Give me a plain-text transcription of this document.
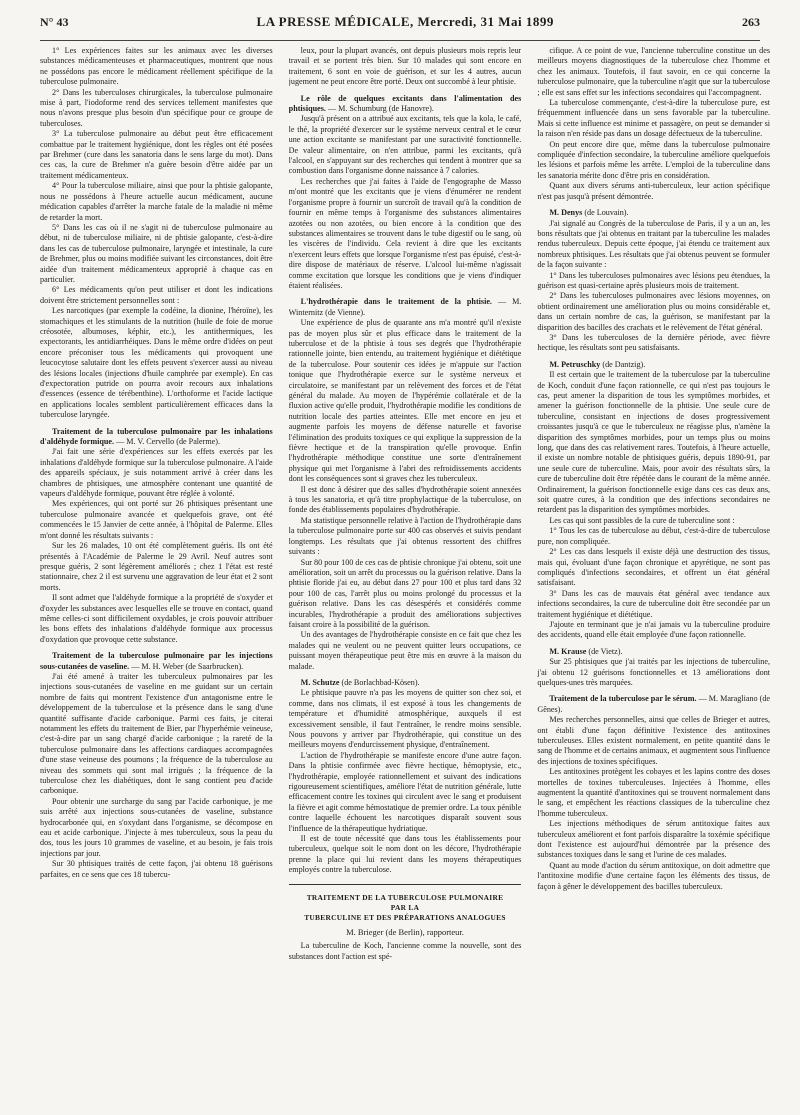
N° 43	LA PRESSE MÉDICALE, Mercredi, 31 Mai 1899	263

1° Les expériences faites sur les animaux avec les diverses substances médicamenteuses et pharmaceutiques, montrent que nous ne possédons pas encore le médicament réellement spécifique de la tuberculose pulmonaire.

2° Dans les tuberculoses chirurgicales, la tuberculose pulmonaire mise à part, l'iodoforme rend des services tellement manifestes que nous n'avons presque plus besoin d'un spécifique pour ce groupe de tuberculoses.

3° La tuberculose pulmonaire au début peut être efficacement combattue par le traitement hygiénique, dont les règles ont été posées par Brehmer (cure dans les sanatoria dans le sens large du mot). Dans ces cas, la cure de Brehmer n'a guère besoin d'être aidée par un traitement médicamenteux.

4° Pour la tuberculose miliaire, ainsi que pour la phtisie galopante, nous ne possédons à l'heure actuelle aucun médicament, aucune médication capables d'arrêter la marche fatale de la maladie ni même de retarder la mort.

5° Dans les cas où il ne s'agit ni de tuberculose pulmonaire au début, ni de tuberculose miliaire, ni de phtisie galopante, c'est-à-dire dans les cas de tuberculose pulmonaire, laryngée et intestinale, la cure de Brehmer, plus ou moins modifiée suivant les circonstances, doit être aidée d'un traitement médicamenteux approprié à chaque cas en particulier.

6° Les médicaments qu'on peut utiliser et dont les indications doivent être strictement personnelles sont :

Les narcotiques (par exemple la codéine, la dionine, l'héroïne), les stomachiques et les stimulants de la nutrition (huile de foie de morue créosotée, albumoses, képhir, etc.), les antithermiques, les expectorants, les antidiarrhéiques. Dans le même ordre d'idées on peut encore préconiser tous les médicaments qui provoquent une leucocytose salutaire dont les effets peuvent s'exercer aussi au niveau des lésions locales (injections d'huile camphrée par exemple). En cas d'expectoration putride on pourra avoir recours aux inhalations d'essences (essence de térébenthine). L'orthoforme et l'acide lactique en applications locales semblent particulièrement efficaces dans la tuberculose laryngée.

Traitement de la tuberculose pulmonaire par les inhalations d'aldéhyde formique. — M. V. Cervello (de Palerme).

J'ai fait une série d'expériences sur les effets exercés par les inhalations d'aldéhyde formique sur la tuberculose pulmonaire. A l'aide des appareils spéciaux, je suis notamment arrivé à créer dans les chambres de phtisiques, une atmosphère contenant une quantité de vapeurs d'aldéhyde formique, pouvant être réglée à volonté.

Mes expériences, qui ont porté sur 26 phtisiques présentant une tuberculose pulmonaire avancée et quelquefois grave, ont été commencées le 15 Janvier de cette année, à l'hôpital de Palerme. Elles m'ont donné les résultats suivants :

Sur les 26 malades, 10 ont été complètement guéris. Ils ont été présentés à l'Académie de Palerme le 29 Avril. Neuf autres sont presque guéris, 2 sont légèrement améliorés ; chez 1 l'état est resté stationnaire, chez 2 il est survenu une aggravation de leur état et 2 sont morts.

Il sont admet que l'aldéhyde formique a la propriété de s'oxyder et d'oxyder les substances avec lesquelles elle se trouve en contact, quand même celles-ci sont difficilement oxydables, je crois pouvoir attribuer les bons effets des inhalations d'aldéhyde formique aux processus d'oxydation que provoque cette substance.

Traitement de la tuberculose pulmonaire par les injections sous-cutanées de vaseline. — M. H. Weber (de Saarbrucken).

J'ai été amené à traiter les tuberculeux pulmonaires par les injections sous-cutanées de vaseline en me guidant sur un certain nombre de faits qui montrent l'existence d'un antagonisme entre le développement de la tuberculose et la présence dans le sang d'une quantité suffisante d'acide carbonique. Parmi ces faits, je citerai notamment les effets du traitement de Bier, par l'hyperhémie veineuse, c'est-à-dire par un sang chargé d'acide carbonique ; la rareté de la tuberculose pulmonaire dans les affections cardiaques accompagnées d'une stase veineuse des poumons ; la fréquence de la tuberculose au niveau des sommets qui sont mal irrigués ; la fréquence de la tuberculose chez les diabétiques, dont le sang contient peu d'acide carbonique.

Pour obtenir une surcharge du sang par l'acide carbonique, je me suis arrêté aux injections sous-cutanées de vaseline, substance hydrocarbonée qui, en s'oxydant dans l'organisme, se décompose en eau et acide carbonique. J'injecte à mes tuberculeux, sous la peau du dos, tous les jours 10 grammes de vaseline, et au besoin, je fais trois injections par jour.

Sur 30 phtisiques traités de cette façon, j'ai obtenu 18 guérisons parfaites, en ce sens que ces 18 tubercu-

leux, pour la plupart avancés, ont depuis plusieurs mois repris leur travail et se portent très bien. Sur 10 malades qui sont encore en traitement, 6 sont en voie de guérison, et sur les 4 autres, aucun jugement ne peut encore être porté. Deux ont succombé à leur phtisie.

Le rôle de quelques excitants dans l'alimentation des phtisiques. — M. Schumburg (de Hanovre).

Jusqu'à présent on a attribué aux excitants, tels que la kola, le café, le thé, la propriété d'exercer sur le système nerveux central et le cœur une action excitante se manifestant par une suractivité fonctionnelle. De valeur alimentaire, on n'en attribue, parmi les excitants, qu'à l'alcool, en s'appuyant sur des recherches qui tendent à montrer que sa combustion dans l'organisme donne naissance à 7 calories.

Les recherches que j'ai faites à l'aide de l'engographe de Masso m'ont montré que les excitants que je viens d'énumérer ne rendent l'organisme propre à fournir un surcroît de travail qu'à la condition de fournir en même temps à l'organisme des substances alimentaires azotées ou non azotées, ou bien encore à la condition que des substances alimentaires se trouvent dans le tube digestif ou le sang, où les viscères de l'individu. Cela revient à dire que les excitants n'exercent leurs effets que lorsque l'organisme n'est pas épuisé, c'est-à-dire dispose de matériaux de réserve. L'alcool lui-même n'agissait comme excitation que lorsque les conditions que je viens d'indiquer étaient réalisées.

L'hydrothérapie dans le traitement de la phtisie. — M. Winternitz (de Vienne).

Une expérience de plus de quarante ans m'a montré qu'il n'existe pas de moyen plus sûr et plus efficace dans le traitement de la tuberculose et de la phtisie à tous ses degrés que l'hydrothérapie rationnelle jointe, bien entendu, au traitement hygiénique et diététique de la tuberculose. Pour soutenir ces idées je m'appuie sur l'action tonique que l'hydrothérapie exerce sur le système nerveux et circulatoire, se manifestant par un relèvement des forces et de l'état général du malade. Au moyen de l'hypérémie collatérale et de la fluxion active qu'elle produit, l'hydrothérapie modifie les conditions de nutrition locale des parties atteintes. Elle met encore en jeu et augmente parfois les moyens de défense naturelle et favorise l'élimination des produits toxiques ce qui explique la suppression de la fièvre hectique et de la transpiration qu'elle provoque. Enfin l'hydrothérapie méthodique constitue une sorte d'entraînement physique qui met l'organisme à l'abri des refroidissements accidents dont les conséquences sont si graves chez les tuberculeux.

Il est donc à désirer que des salles d'hydrothérapie soient annexées à tous les sanatoria, et qu'à titre prophylactique de la tuberculose, on fonde des établissements populaires d'hydrothérapie.

Ma statistique personnelle relative à l'action de l'hydrothérapie dans la tuberculose pulmonaire porte sur 400 cas observés et suivis pendant longtemps. Les résultats que j'ai obtenus ressortent des chiffres suivants :

Sur 80 pour 100 de ces cas de phtisie chronique j'ai obtenu, soit une amélioration, soit un arrêt du processus ou la guérison relative. Dans la phtisie floride j'ai eu, au début dans 27 pour 100 et plus tard dans 32 pour 100 de cas, l'arrêt plus ou moins prolongé du processus et la guérison relative. Dans les cas désespérés et considérés comme incurables, l'hydrothérapie a produit des améliorations subjectives faisant croire à la possibilité de la guérison.

Un des avantages de l'hydrothérapie consiste en ce fait que chez les malades qui ne veulent ou ne peuvent quitter leurs occupations, ce puissant moyen thérapeutique peut être mis en œuvre à la maison du malade.

M. Schutze (de Borlachbad-Kösen).

Le phtisique pauvre n'a pas les moyens de quitter son chez soi, et comme, dans nos climats, il est exposé à tous les changements de température et d'humidité atmosphérique, auxquels il est excessivement sensible, il faut l'entraîner, le rendre moins sensible. Nous pouvons y arriver par l'hydrothérapie, qui constitue un des meilleurs moyens d'endurcissement physique, d'entraînement.

L'action de l'hydrothérapie se manifeste encore d'une autre façon. Dans la phtisie confirmée avec fièvre hectique, hémoptysie, etc., l'hydrothérapie, employée rationnellement et suivant des indications rigoureusement scientifiques, améliore l'état de nutrition générale, lutte efficacement contre les toxines qui circulent avec le sang et produisent la fièvre et agit comme hémostatique de premier ordre. La toux pénible contre laquelle échouent les narcotiques disparaît souvent sous l'influence de la thérapeutique hydriatique.

Il est de toute nécessité que dans tous les établissements pour tuberculeux, quelque soit le nom dont on les décore, l'hydrothérapie prenne la place qui lui revient dans les moyens thérapeutiques employés contre la tuberculose.

TRAITEMENT DE LA TUBERCULOSE PULMONAIRE
PAR LA
TUBERCULINE ET DES PRÉPARATIONS ANALOGUES
M. Brieger (de Berlin), rapporteur.

La tuberculine de Koch, l'ancienne comme la nouvelle, sont des substances dont l'action est spé-

cifique. A ce point de vue, l'ancienne tuberculine constitue un des meilleurs moyens diagnostiques de la tuberculose chez l'homme et chez les animaux. Toutefois, il faut savoir, en ce qui concerne la tuberculose pulmonaire, que la tuberculine n'agit que sur la tuberculose ; elle est sans effet sur les infections secondaires qui l'accompagnent.

La tuberculose commençante, c'est-à-dire la tuberculose pure, est fréquemment influencée dans un sens favorable par la tuberculine. Mais si cette influence est minime et passagère, on peut se demander si la raison n'en réside pas dans un dosage défectueux de la tuberculine.

On peut encore dire que, même dans la tuberculose pulmonaire compliquée d'infection secondaire, la tuberculine améliore quelquefois les lésions et parfois même les arrête. L'emploi de la tuberculine dans les sanatoria mérite donc d'être pris en considération.

Quant aux divers sérums anti-tuberculeux, leur action spécifique n'est pas jusqu'à présent démontrée.

M. Denys (de Louvain).

J'ai signalé au Congrès de la tuberculose de Paris, il y a un an, les bons résultats que j'ai obtenus en traitant par la tuberculine les malades rendus tuberculeux. Depuis cette époque, j'ai étendu ce traitement aux nombreux phtisiques. Les résultats que j'ai obtenus peuvent se formuler de la façon suivante :

1° Dans les tuberculoses pulmonaires avec lésions peu étendues, la guérison est quasi-certaine après plusieurs mois de traitement.

2° Dans les tuberculoses pulmonaires avec lésions moyennes, on obtient ordinairement une amélioration plus ou moins considérable et, dans un certain nombre de cas, la guérison, se manifestant par la disparition des bacilles des crachats et le relèvement de l'état général.

3° Dans les tuberculoses de la dernière période, avec fièvre hectique, les résultats sont peu satisfaisants.

M. Petruschky (de Dantzig).

Il est certain que le traitement de la tuberculose par la tuberculine de Koch, conduit d'une façon rationnelle, ce qui n'est pas toujours le cas, peut amener la disparition de tous les symptômes morbides, et amener la guérison fonctionnelle de la phtisie. Une seule cure de tuberculine, consistant en injections de doses progressivement croissantes jusqu'à ce que le tuberculeux ne réagisse plus, n'amène la disparition des symptômes morbides, pour un temps plus ou moins long, que dans des cas relativement rares. Toutefois, à l'heure actuelle, il existe un nombre notable de phtisiques guéris, depuis 1890-91, par une seule cure de tuberculine. Mais, pour avoir des résultats sûrs, la cure de tuberculine doit être répétée dans le courant de la même année. Ordinairement, la guérison fonctionnelle exige dans ces cas deux ans, soit quatre cures, à la condition que des infections secondaires ne retardent pas la disparition des symptômes morbides.

Les cas qui sont passibles de la cure de tuberculine sont :

1° Tous les cas de tuberculose au début, c'est-à-dire de tuberculose pure, non compliquée.

2° Les cas dans lesquels il existe déjà une destruction des tissus, mais qui, évoluant d'une façon chronique et apyrétique, ne sont pas compliqués d'infections secondaires, et offrent un état général satisfaisant.

3° Dans les cas de mauvais état général avec tendance aux infections secondaires, la cure de tuberculine doit être secondée par un traitement hygiénique et diététique.

J'ajoute en terminant que je n'ai jamais vu la tuberculine produire des accidents, quand elle était employée d'une façon rationnelle.

M. Krause (de Vietz).

Sur 25 phtisiques que j'ai traités par les injections de tuberculine, j'ai obtenu 12 guérisons fonctionnelles et 13 améliorations dont quelques-unes très marquées.

Traitement de la tuberculose par le sérum. — M. Maragliano (de Gênes).

Mes recherches personnelles, ainsi que celles de Brieger et autres, ont établi d'une façon définitive l'existence des antitoxines tuberculeuses. Elles existent normalement, en petite quantité dans le sang de l'homme et de certains animaux, et augmentent sous l'influence des injections de toxines spécifiques.

Les antitoxines protègent les cobayes et les lapins contre des doses mortelles de toxines tuberculeuses. Injectées à l'homme, elles augmentent la quantité d'antitoxines qui se trouvent normalement dans le sang, et empêchent les réactions classiques de la tuberculine chez l'homme tuberculeux.

Les injections méthodiques de sérum antitoxique faites aux tuberculeux améliorent et font parfois disparaître la toxémie spécifique dont l'existence est aujourd'hui démontrée par la présence des substances toxiques dans le sang et l'urine de ces malades.

Quant au mode d'action du sérum antitoxique, on doit admettre que l'antitoxine modifie d'une certaine façon les éléments des tissus, de façon à gêner le développement des bacilles tuberculeux.
